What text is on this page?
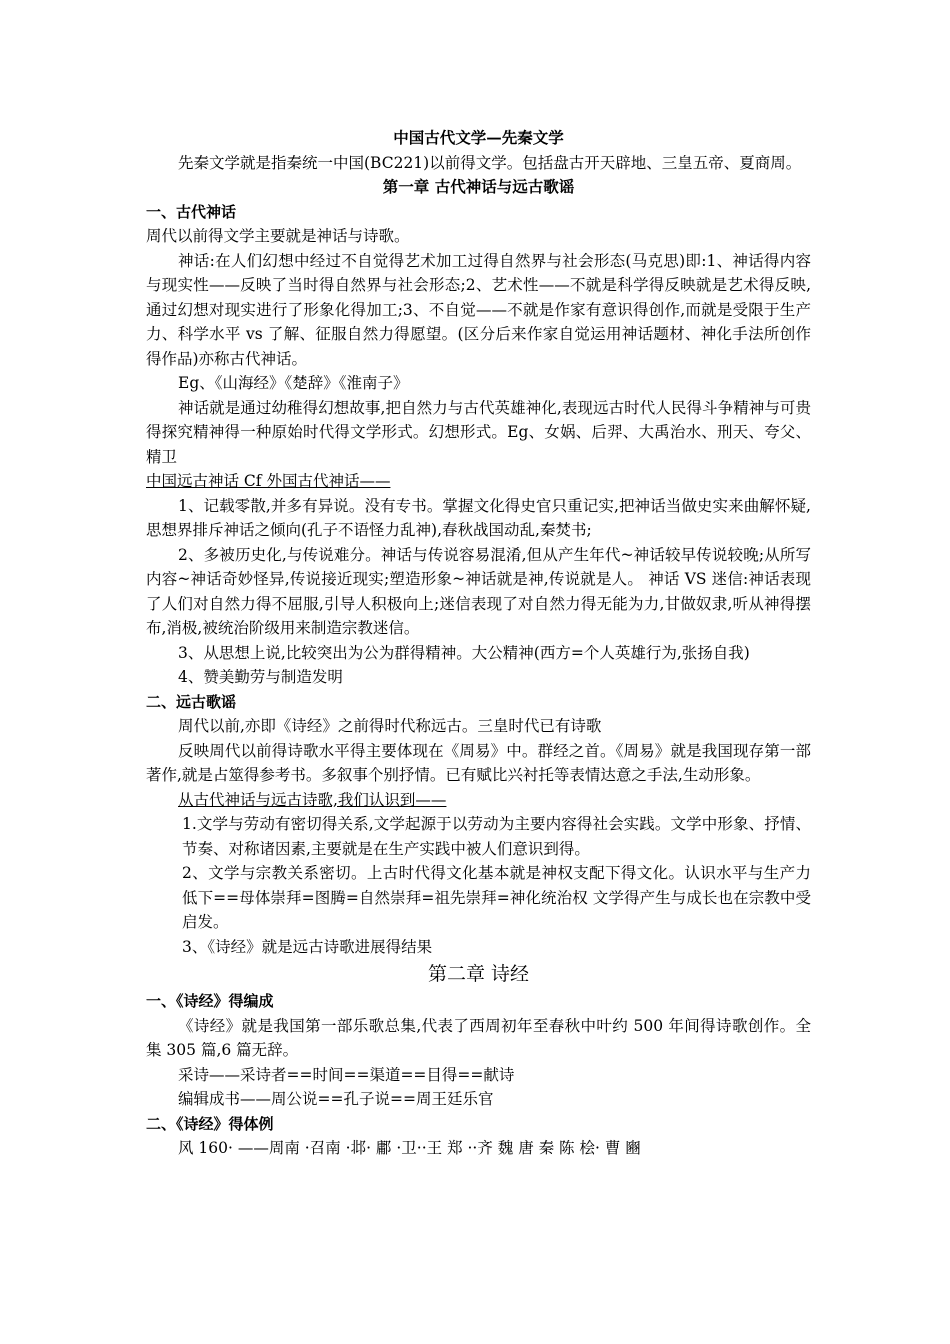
中国古代文学—先秦文学

先秦文学就是指秦统一中国(BC221)以前得文学。包括盘古开天辟地、三皇五帝、夏商周。

第一章 古代神话与远古歌谣

一、古代神话

周代以前得文学主要就是神话与诗歌。

神话:在人们幻想中经过不自觉得艺术加工过得自然界与社会形态(马克思)即:1、神话得内容与现实性——反映了当时得自然界与社会形态;2、艺术性——不就是科学得反映就是艺术得反映,通过幻想对现实进行了形象化得加工;3、不自觉——不就是作家有意识得创作,而就是受限于生产力、科学水平 vs 了解、征服自然力得愿望。(区分后来作家自觉运用神话题材、神化手法所创作得作品)亦称古代神话。

Eg、《山海经》《楚辞》《淮南子》

神话就是通过幼稚得幻想故事,把自然力与古代英雄神化,表现远古时代人民得斗争精神与可贵得探究精神得一种原始时代得文学形式。幻想形式。Eg、女娲、后羿、大禹治水、刑天、夸父、精卫

中国远古神话 Cf 外国古代神话——

1、记载零散,并多有异说。没有专书。掌握文化得史官只重记实,把神话当做史实来曲解怀疑,思想界排斥神话之倾向(孔子不语怪力乱神),春秋战国动乱,秦焚书;

2、多被历史化,与传说难分。神话与传说容易混淆,但从产生年代~神话较早传说较晚;从所写内容~神话奇妙怪异,传说接近现实;塑造形象~神话就是神,传说就是人。 神话 VS 迷信:神话表现了人们对自然力得不屈服,引导人积极向上;迷信表现了对自然力得无能为力,甘做奴隶,听从神得摆布,消极,被统治阶级用来制造宗教迷信。

3、从思想上说,比较突出为公为群得精神。大公精神(西方=个人英雄行为,张扬自我)

4、赞美勤劳与制造发明

二、远古歌谣

周代以前,亦即《诗经》之前得时代称远古。三皇时代已有诗歌

反映周代以前得诗歌水平得主要体现在《周易》中。群经之首。《周易》就是我国现存第一部著作,就是占筮得参考书。多叙事个别抒情。已有赋比兴衬托等表情达意之手法,生动形象。

从古代神话与远古诗歌,我们认识到——

1.文学与劳动有密切得关系,文学起源于以劳动为主要内容得社会实践。文学中形象、抒情、节奏、对称诸因素,主要就是在生产实践中被人们意识到得。

2、文学与宗教关系密切。上古时代得文化基本就是神权支配下得文化。认识水平与生产力低下==母体崇拜=图腾=自然崇拜=祖先崇拜=神化统治权 文学得产生与成长也在宗教中受启发。

3、《诗经》就是远古诗歌进展得结果

第二章 诗经

一、《诗经》得编成

《诗经》就是我国第一部乐歌总集,代表了西周初年至春秋中叶约 500 年间得诗歌创作。全集 305 篇,6 篇无辞。

采诗——采诗者==时间==渠道==目得==献诗

编辑成书——周公说==孔子说==周王廷乐官

二、《诗经》得体例

风 160· ——周南 ·召南 ·邶· 鄘 ·卫··王 郑 ··齐 魏 唐 秦 陈 桧· 曹 豳
